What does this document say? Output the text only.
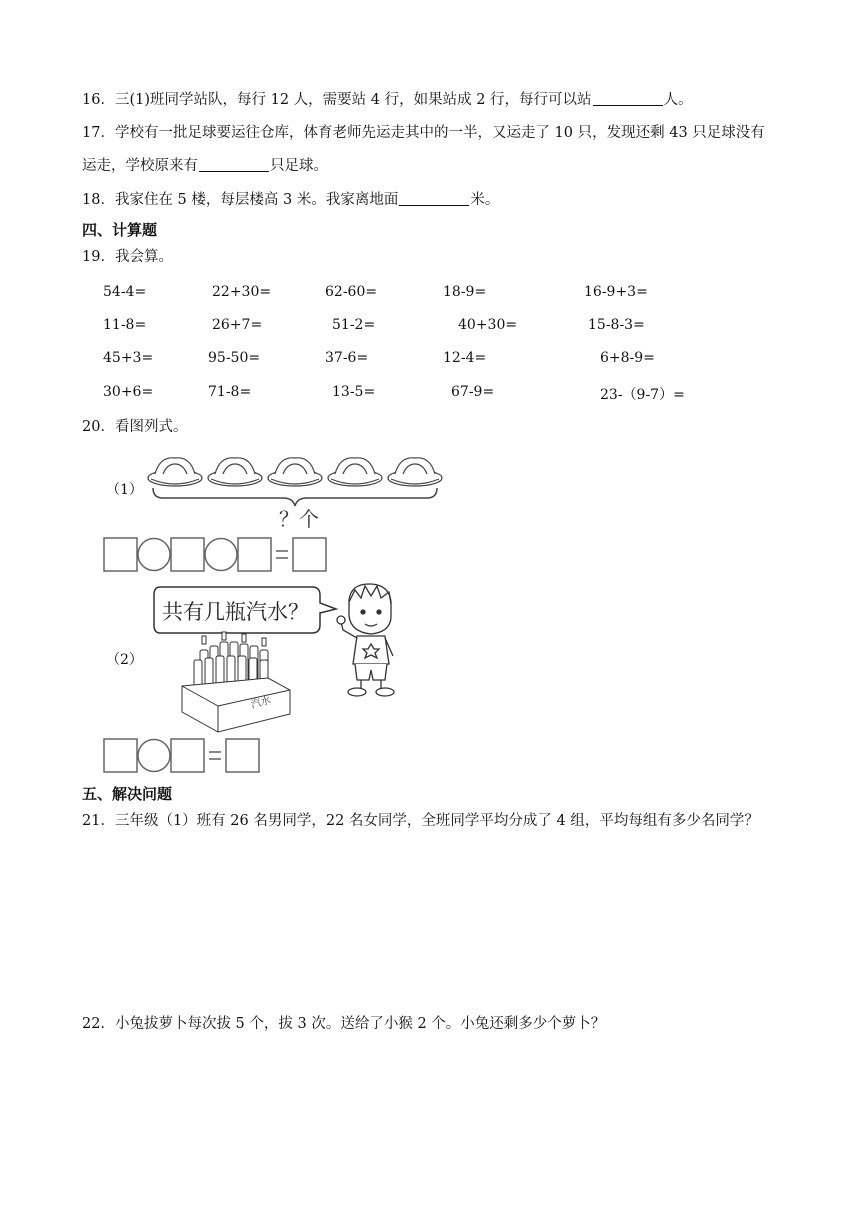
16．三(1)班同学站队，每行 12 人，需要站 4 行，如果站成 2 行，每行可以站	人。
17．学校有一批足球要运往仓库，体育老师先运走其中的一半，又运走了 10 只，发现还剩 43 只足球没有
运走，学校原来有	只足球。
18．我家住在 5 楼，每层楼高 3 米。我家离地面	米。
四、计算题
19．我会算。
54-4=	22+30=	62-60=	18-9=	16-9+3=
11-8=	26+7=	51-2=	40+30=	15-8-3=
45+3=	95-50=	37-6=	12-4=	6+8-9=
30+6=	71-8=	13-5=	67-9=	23-（9-7）=
20．看图列式。
（1）
？个
共有几瓶汽水？
（2）
汽水
五、解决问题
21．三年级（1）班有 26 名男同学，22 名女同学，全班同学平均分成了 4 组，平均每组有多少名同学？
22．小兔拔萝卜每次拔 5 个，拔 3 次。送给了小猴 2 个。小兔还剩多少个萝卜？
